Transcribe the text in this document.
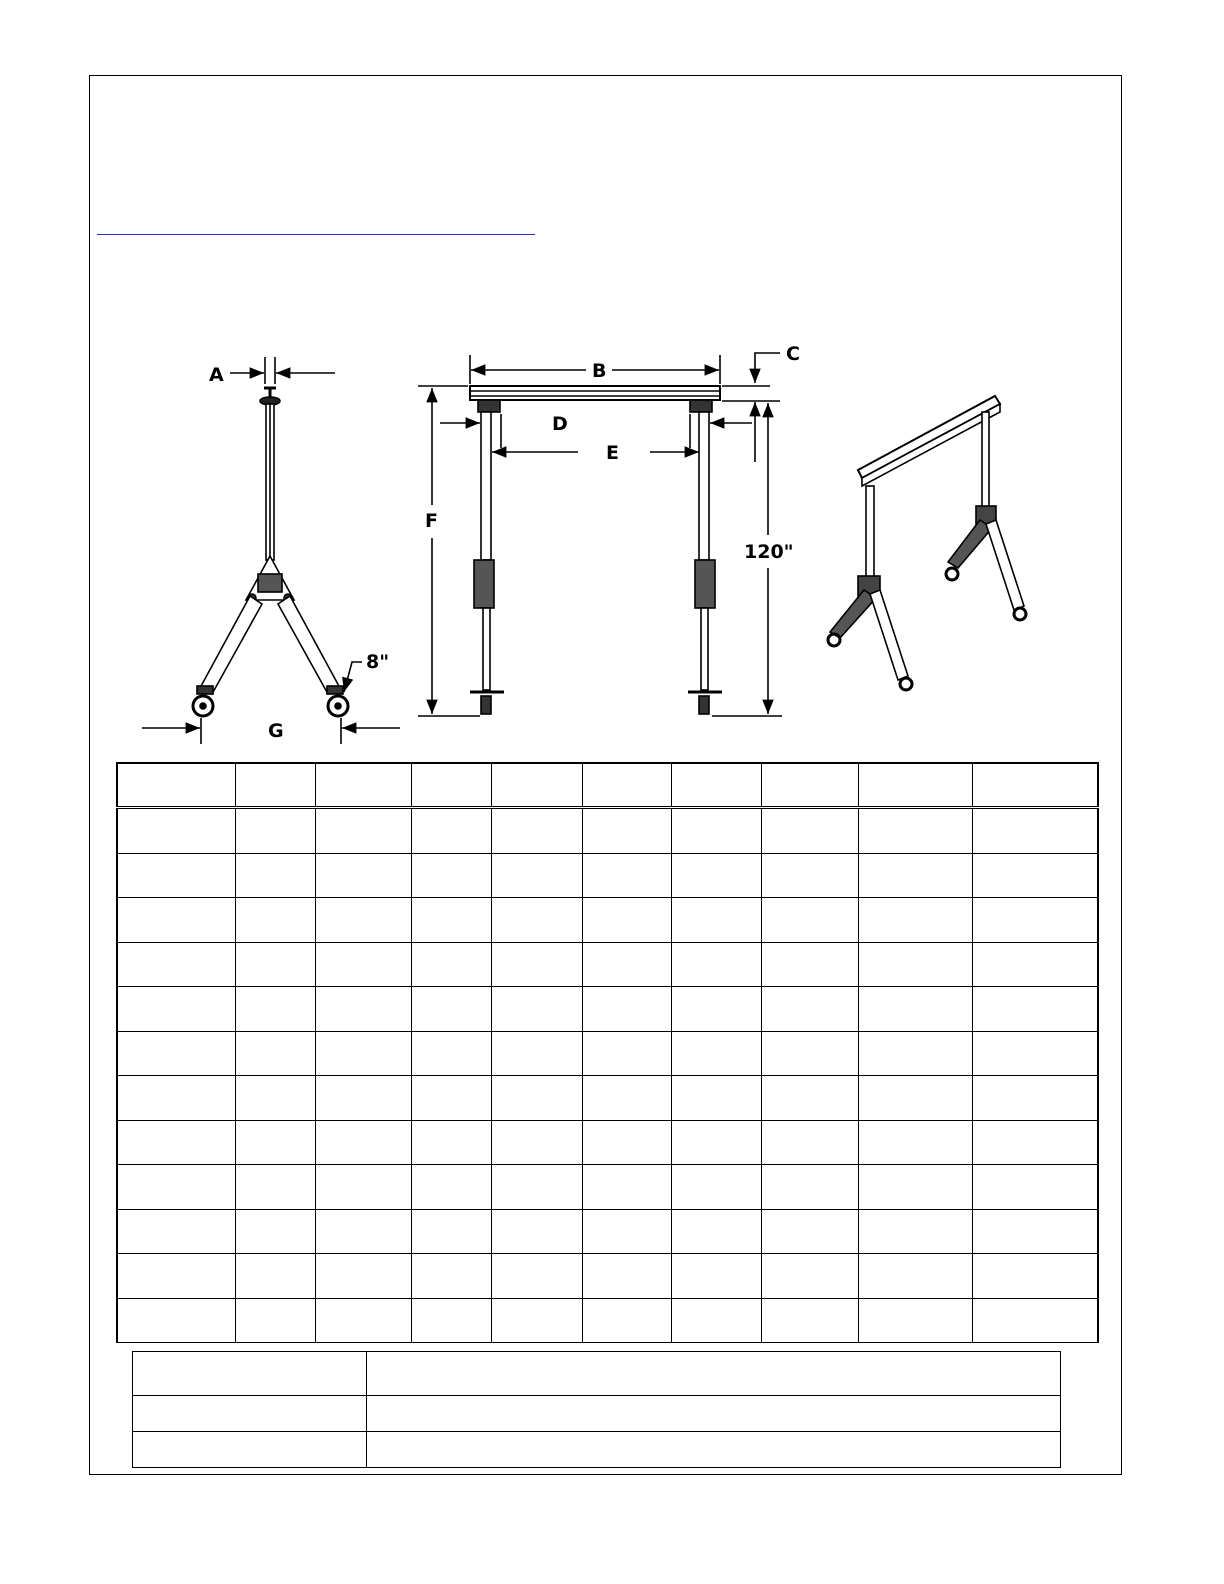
A
8"
G
B
C
D
E
F
120"
